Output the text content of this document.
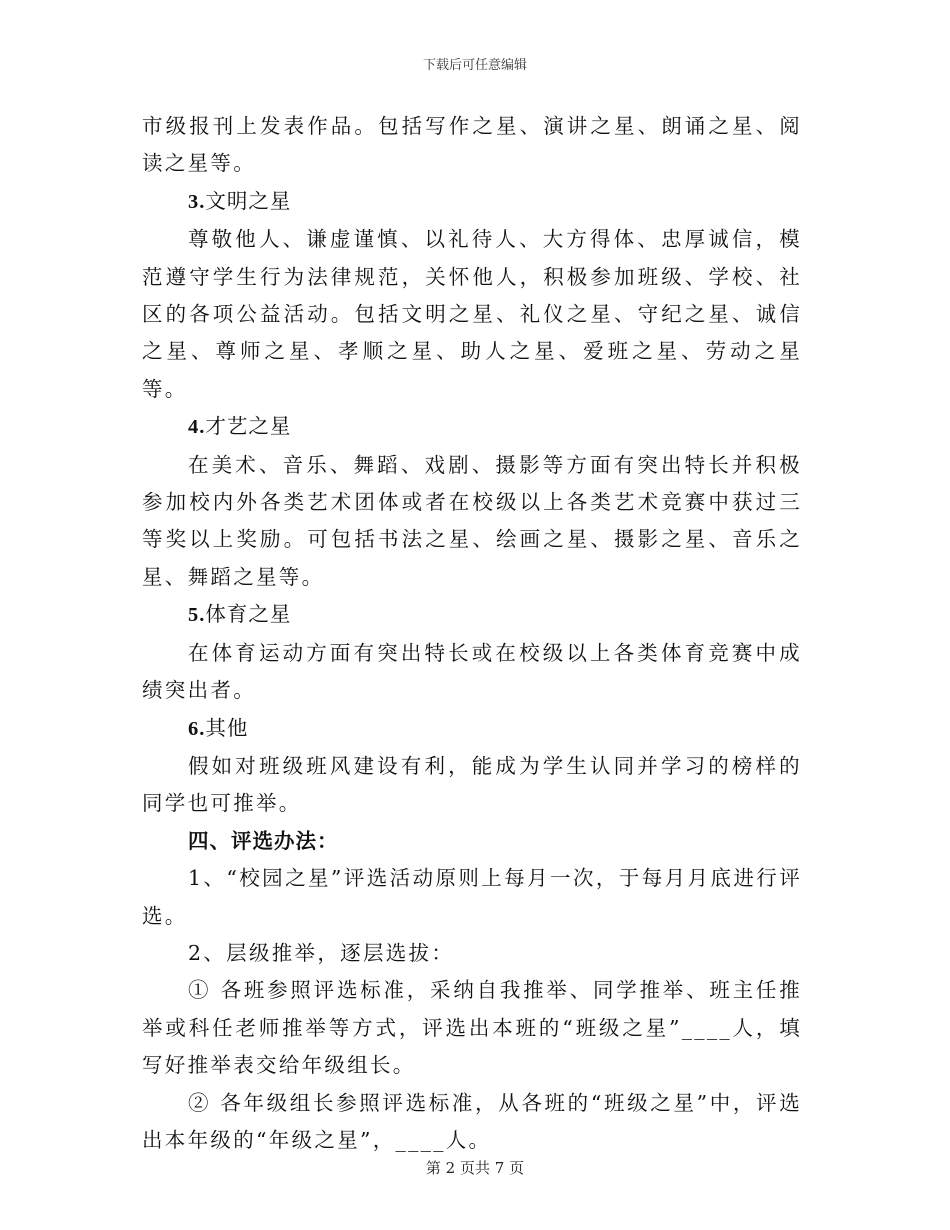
下载后可任意编辑

市级报刊上发表作品。包括写作之星、演讲之星、朗诵之星、阅读之星等。

3.文明之星

尊敬他人、谦虚谨慎、以礼待人、大方得体、忠厚诚信，模范遵守学生行为法律规范，关怀他人，积极参加班级、学校、社区的各项公益活动。包括文明之星、礼仪之星、守纪之星、诚信之星、尊师之星、孝顺之星、助人之星、爱班之星、劳动之星等。

4.才艺之星

在美术、音乐、舞蹈、戏剧、摄影等方面有突出特长并积极参加校内外各类艺术团体或者在校级以上各类艺术竞赛中获过三等奖以上奖励。可包括书法之星、绘画之星、摄影之星、音乐之星、舞蹈之星等。

5.体育之星

在体育运动方面有突出特长或在校级以上各类体育竞赛中成绩突出者。

6.其他

假如对班级班风建设有利，能成为学生认同并学习的榜样的同学也可推举。

四、评选办法：

1、“校园之星”评选活动原则上每月一次，于每月月底进行评选。

2、层级推举，逐层选拔：

① 各班参照评选标准，采纳自我推举、同学推举、班主任推举或科任老师推举等方式，评选出本班的“班级之星”____人，填写好推举表交给年级组长。

② 各年级组长参照评选标准，从各班的“班级之星”中，评选出本年级的“年级之星”，____人。

第 2 页共 7 页
